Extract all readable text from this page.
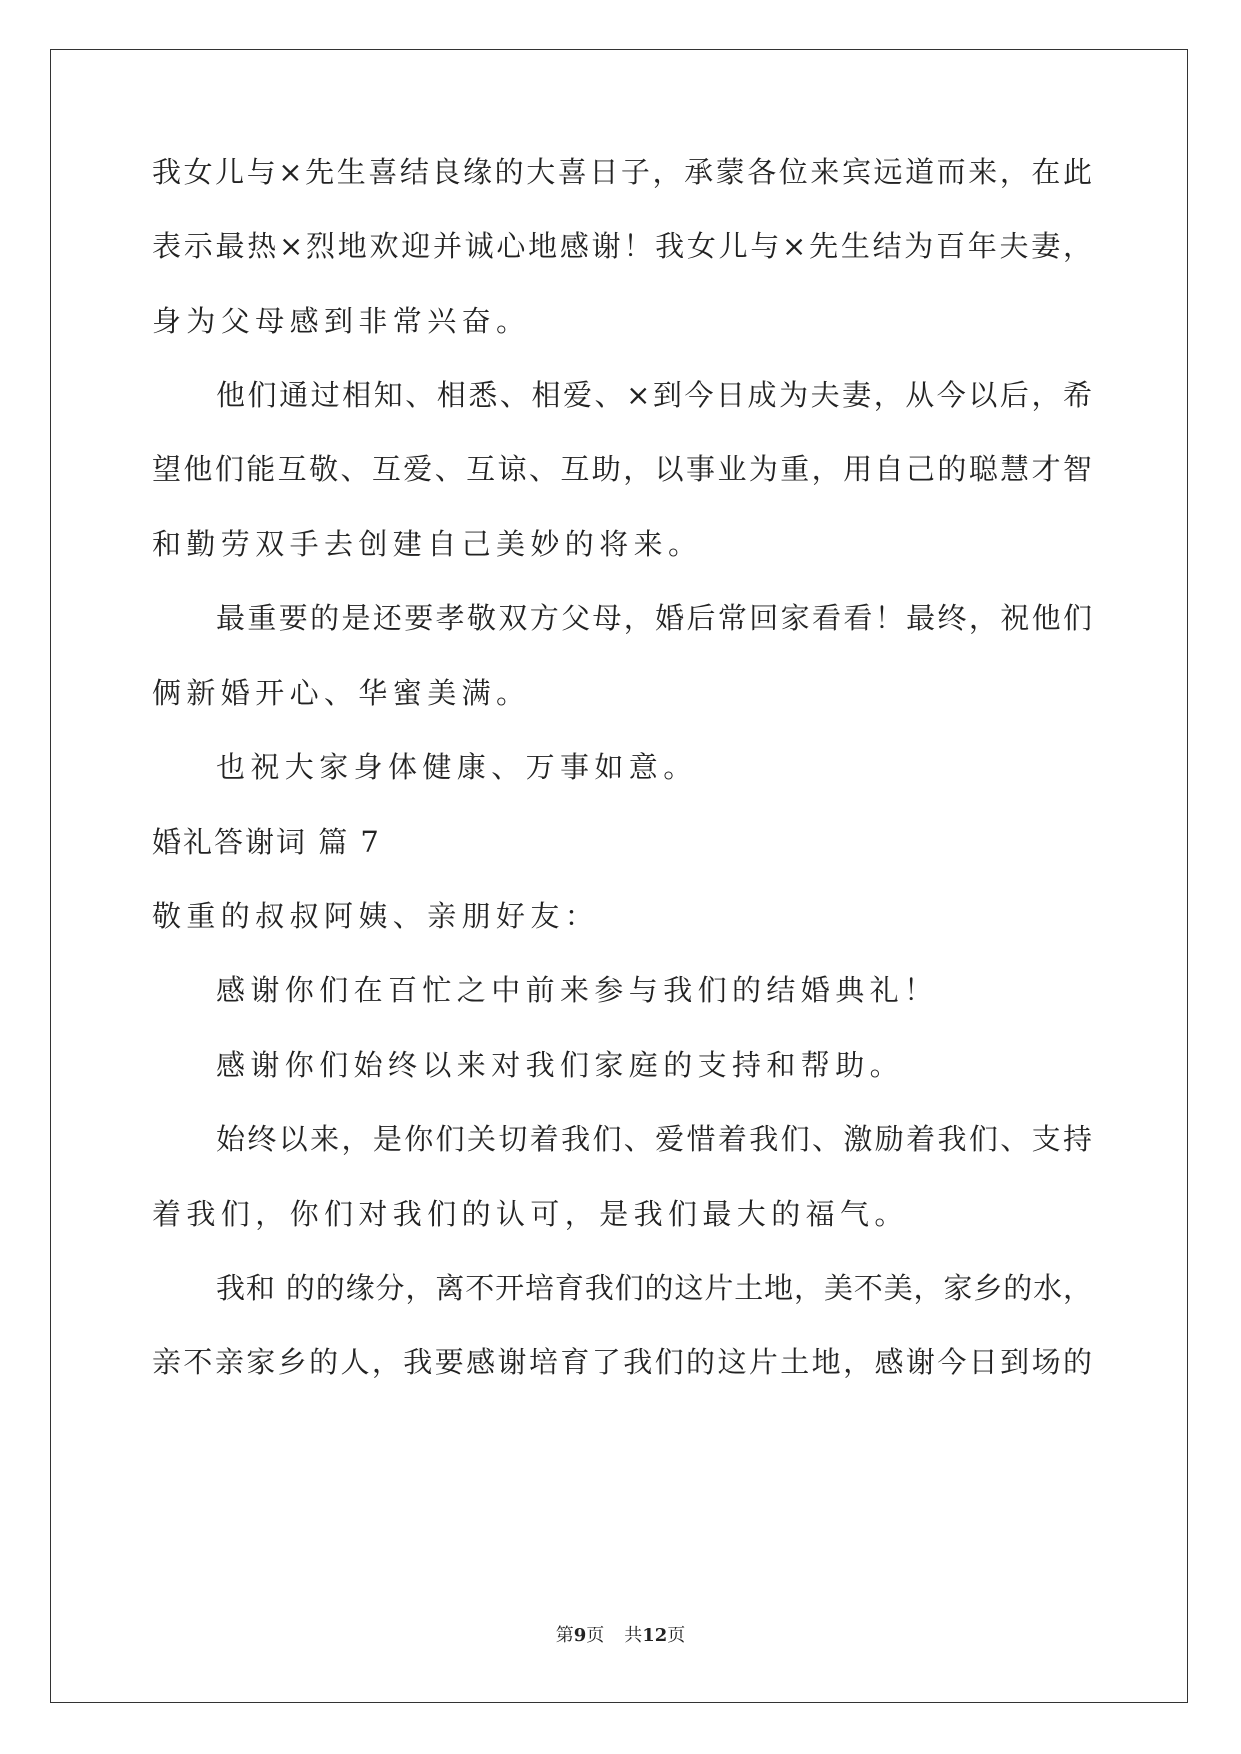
我女儿与×先生喜结良缘的大喜日子，承蒙各位来宾远道而来，在此
表示最热×烈地欢迎并诚心地感谢！我女儿与×先生结为百年夫妻，
身为父母感到非常兴奋。
他们通过相知、相悉、相爱、×到今日成为夫妻，从今以后，希
望他们能互敬、互爱、互谅、互助，以事业为重，用自己的聪慧才智
和勤劳双手去创建自己美妙的将来。
最重要的是还要孝敬双方父母，婚后常回家看看！最终，祝他们
俩新婚开心、华蜜美满。
也祝大家身体健康、万事如意。
婚礼答谢词 篇 7
敬重的叔叔阿姨、亲朋好友：
感谢你们在百忙之中前来参与我们的结婚典礼！
感谢你们始终以来对我们家庭的支持和帮助。
始终以来，是你们关切着我们、爱惜着我们、激励着我们、支持
着我们，你们对我们的认可，是我们最大的福气。
我和 的的缘分，离不开培育我们的这片土地，美不美，家乡的水，
亲不亲家乡的人，我要感谢培育了我们的这片土地，感谢今日到场的
第9页 共12页
